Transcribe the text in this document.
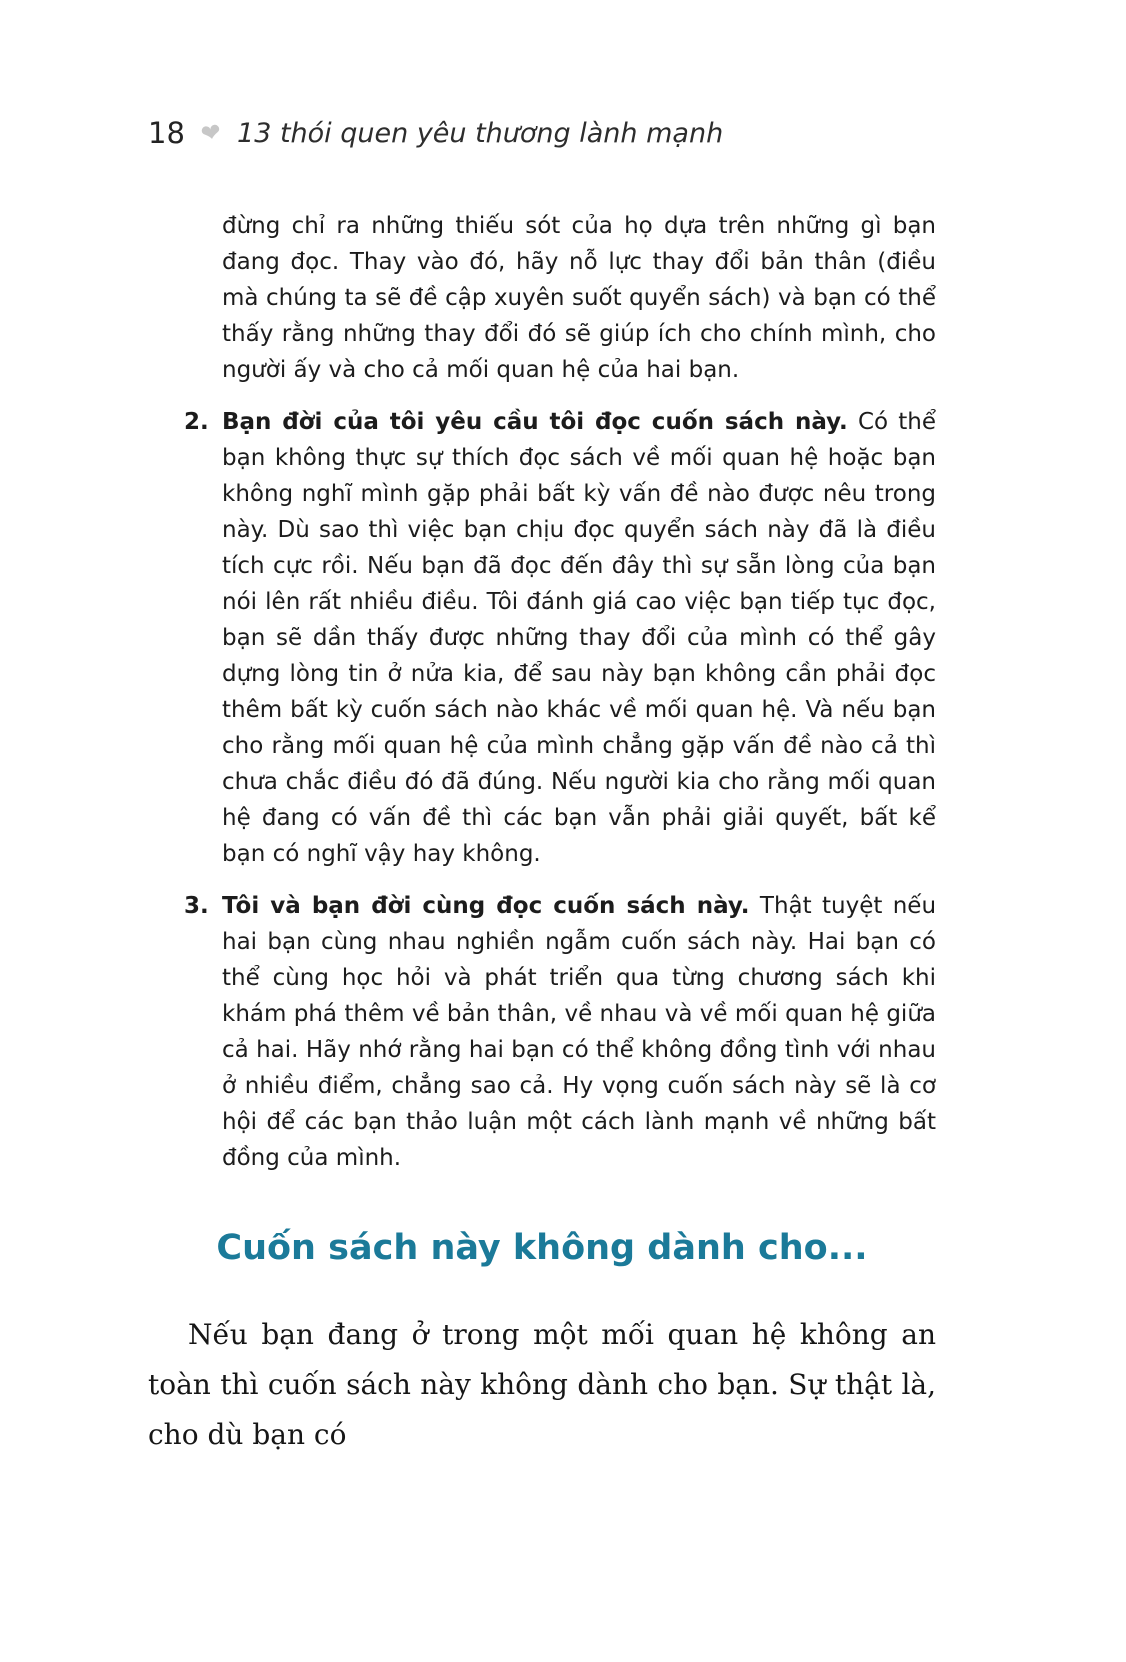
18 ❤ 13 thói quen yêu thương lành mạnh

đừng chỉ ra những thiếu sót của họ dựa trên những gì bạn đang đọc. Thay vào đó, hãy nỗ lực thay đổi bản thân (điều mà chúng ta sẽ đề cập xuyên suốt quyển sách) và bạn có thể thấy rằng những thay đổi đó sẽ giúp ích cho chính mình, cho người ấy và cho cả mối quan hệ của hai bạn.

2. Bạn đời của tôi yêu cầu tôi đọc cuốn sách này. Có thể bạn không thực sự thích đọc sách về mối quan hệ hoặc bạn không nghĩ mình gặp phải bất kỳ vấn đề nào được nêu trong này. Dù sao thì việc bạn chịu đọc quyển sách này đã là điều tích cực rồi. Nếu bạn đã đọc đến đây thì sự sẵn lòng của bạn nói lên rất nhiều điều. Tôi đánh giá cao việc bạn tiếp tục đọc, bạn sẽ dần thấy được những thay đổi của mình có thể gây dựng lòng tin ở nửa kia, để sau này bạn không cần phải đọc thêm bất kỳ cuốn sách nào khác về mối quan hệ. Và nếu bạn cho rằng mối quan hệ của mình chẳng gặp vấn đề nào cả thì chưa chắc điều đó đã đúng. Nếu người kia cho rằng mối quan hệ đang có vấn đề thì các bạn vẫn phải giải quyết, bất kể bạn có nghĩ vậy hay không.
3. Tôi và bạn đời cùng đọc cuốn sách này. Thật tuyệt nếu hai bạn cùng nhau nghiền ngẫm cuốn sách này. Hai bạn có thể cùng học hỏi và phát triển qua từng chương sách khi khám phá thêm về bản thân, về nhau và về mối quan hệ giữa cả hai. Hãy nhớ rằng hai bạn có thể không đồng tình với nhau ở nhiều điểm, chẳng sao cả. Hy vọng cuốn sách này sẽ là cơ hội để các bạn thảo luận một cách lành mạnh về những bất đồng của mình.
Cuốn sách này không dành cho...

Nếu bạn đang ở trong một mối quan hệ không an toàn thì cuốn sách này không dành cho bạn. Sự thật là, cho dù bạn có
